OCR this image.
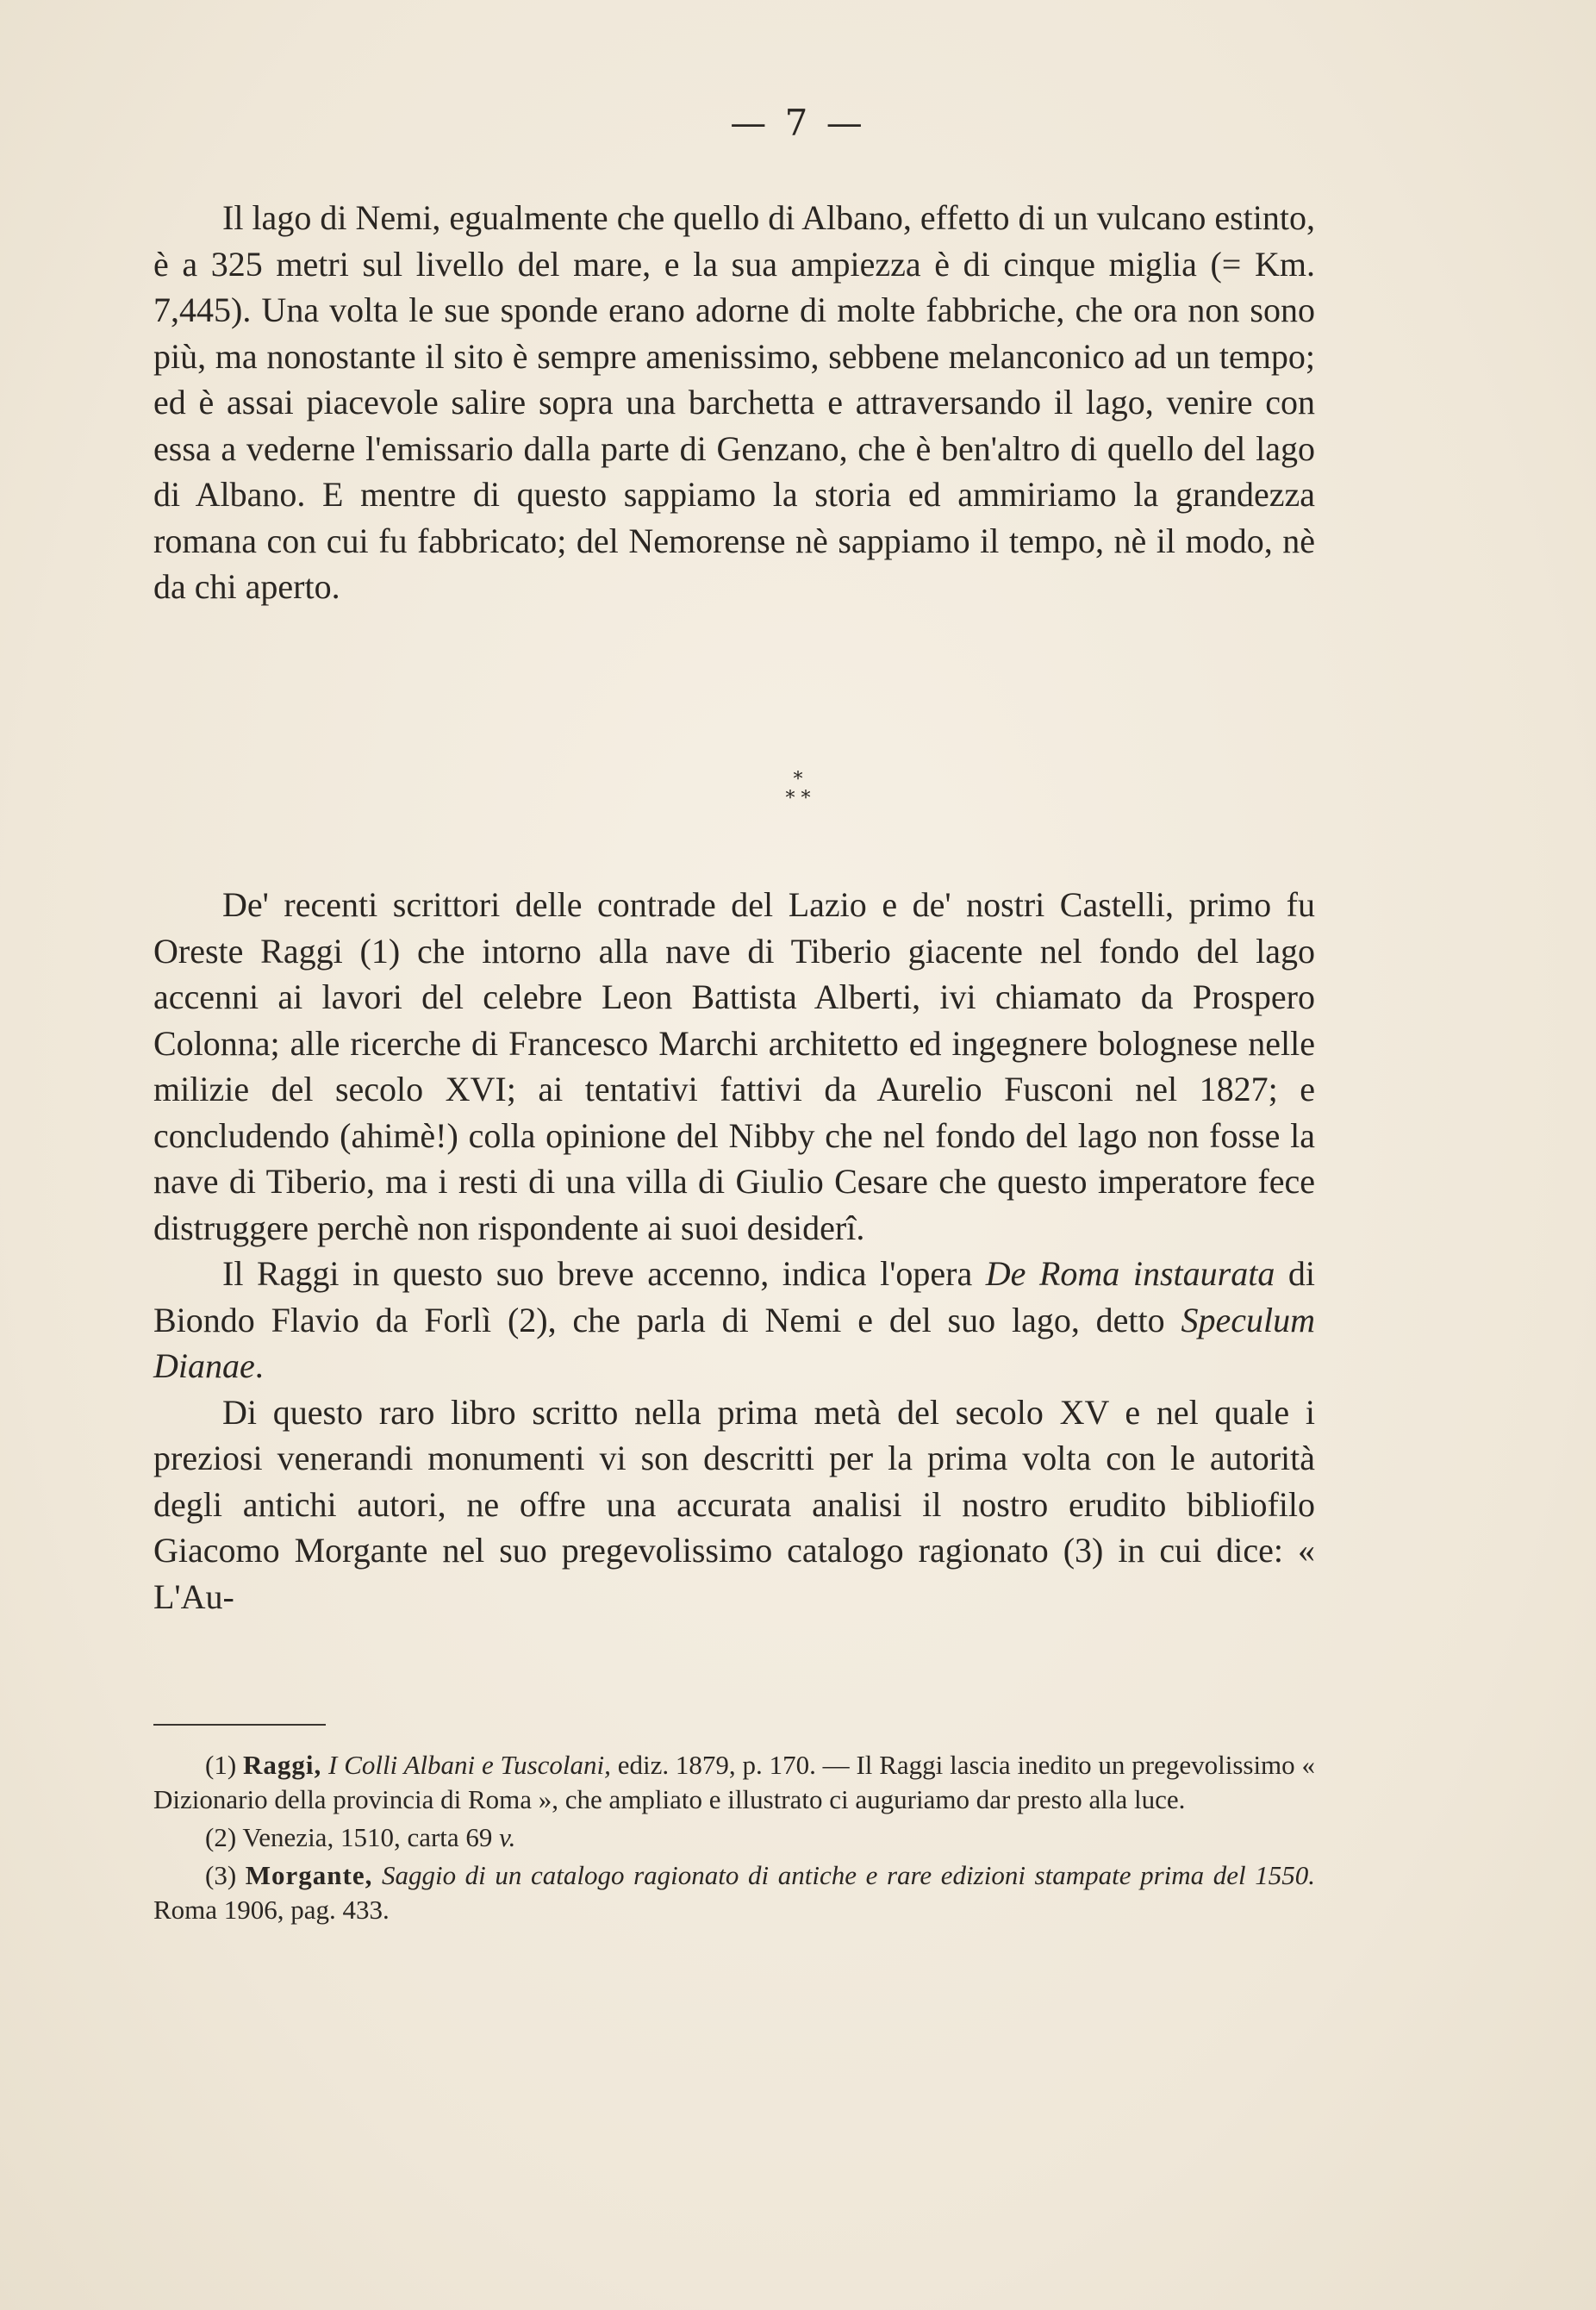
— 7 —

Il lago di Nemi, egualmente che quello di Albano, effetto di un vulcano estinto, è a 325 metri sul livello del mare, e la sua ampiezza è di cinque miglia (= Km. 7,445). Una volta le sue sponde erano adorne di molte fabbriche, che ora non sono più, ma nonostante il sito è sempre amenissimo, sebbene melanconico ad un tempo; ed è assai piacevole salire sopra una barchetta e attraversando il lago, venire con essa a vederne l'emissario dalla parte di Genzano, che è ben'altro di quello del lago di Albano. E mentre di questo sappiamo la storia ed ammiriamo la grandezza romana con cui fu fabbricato; del Nemorense nè sappiamo il tempo, nè il modo, nè da chi aperto.

*
* *

De' recenti scrittori delle contrade del Lazio e de' nostri Castelli, primo fu Oreste Raggi (1) che intorno alla nave di Tiberio giacente nel fondo del lago accenni ai lavori del celebre Leon Battista Alberti, ivi chiamato da Prospero Colonna; alle ricerche di Francesco Marchi architetto ed ingegnere bolognese nelle milizie del secolo XVI; ai tentativi fattivi da Aurelio Fusconi nel 1827; e concludendo (ahimè!) colla opinione del Nibby che nel fondo del lago non fosse la nave di Tiberio, ma i resti di una villa di Giulio Cesare che questo imperatore fece distruggere perchè non rispondente ai suoi desiderî.

Il Raggi in questo suo breve accenno, indica l'opera De Roma instaurata di Biondo Flavio da Forlì (2), che parla di Nemi e del suo lago, detto Speculum Dianae.

Di questo raro libro scritto nella prima metà del secolo XV e nel quale i preziosi venerandi monumenti vi son descritti per la prima volta con le autorità degli antichi autori, ne offre una accurata analisi il nostro erudito bibliofilo Giacomo Morgante nel suo pregevolissimo catalogo ragionato (3) in cui dice: « L'Au-

(1) Raggi, I Colli Albani e Tuscolani, ediz. 1879, p. 170. — Il Raggi lascia inedito un pregevolissimo « Dizionario della provincia di Roma », che ampliato e illustrato ci auguriamo dar presto alla luce.

(2) Venezia, 1510, carta 69 v.

(3) Morgante, Saggio di un catalogo ragionato di antiche e rare edizioni stampate prima del 1550. Roma 1906, pag. 433.
